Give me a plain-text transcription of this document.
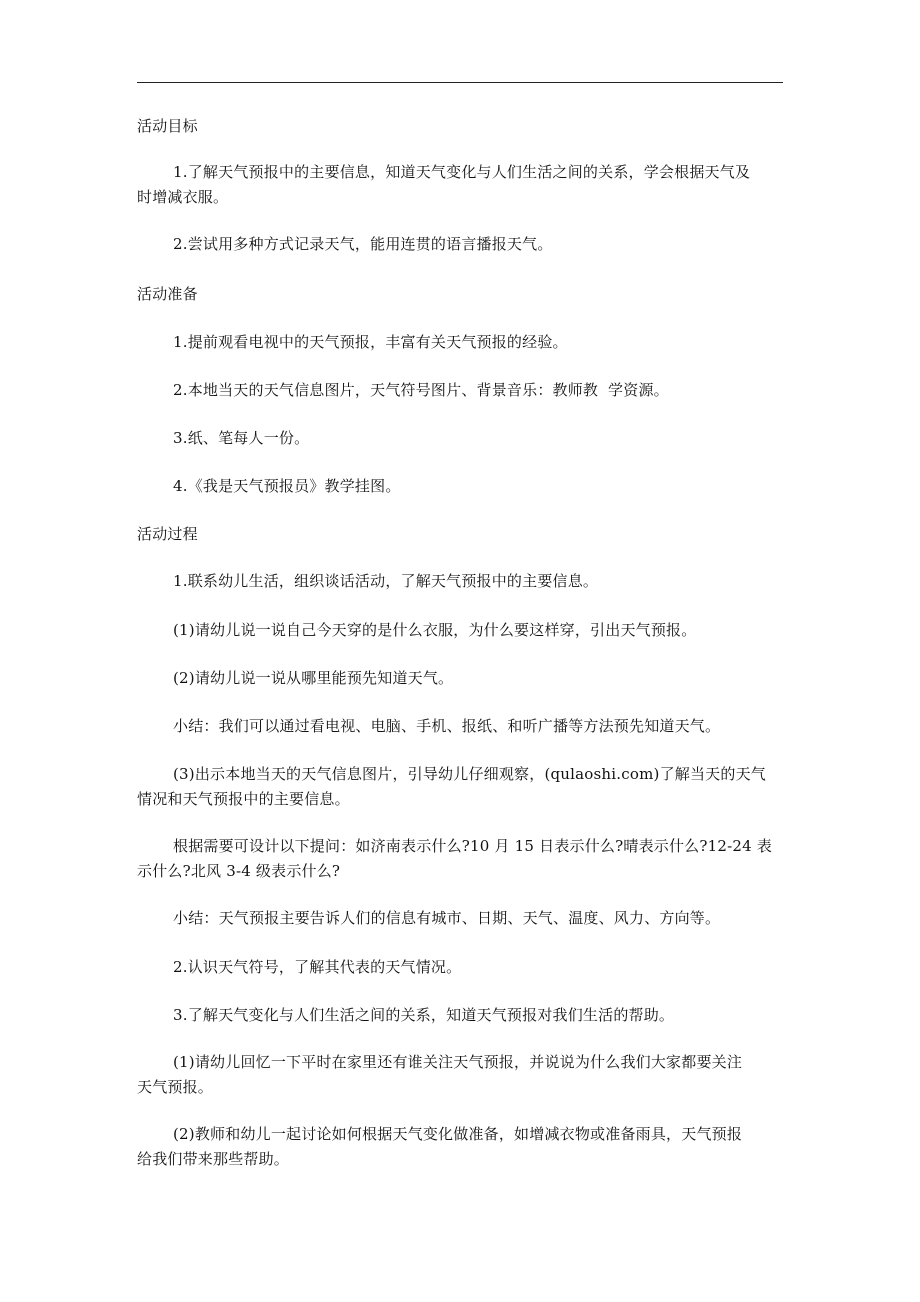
活动目标
1.了解天气预报中的主要信息，知道天气变化与人们生活之间的关系，学会根据天气及
时增减衣服。
2.尝试用多种方式记录天气，能用连贯的语言播报天气。
活动准备
1.提前观看电视中的天气预报，丰富有关天气预报的经验。
2.本地当天的天气信息图片，天气符号图片、背景音乐：教师教  学资源。
3.纸、笔每人一份。
4.《我是天气预报员》教学挂图。
活动过程
1.联系幼儿生活，组织谈话活动，了解天气预报中的主要信息。
(1)请幼儿说一说自己今天穿的是什么衣服，为什么要这样穿，引出天气预报。
(2)请幼儿说一说从哪里能预先知道天气。
小结：我们可以通过看电视、电脑、手机、报纸、和听广播等方法预先知道天气。
(3)出示本地当天的天气信息图片，引导幼儿仔细观察，(qulaoshi.com)了解当天的天气
情况和天气预报中的主要信息。
根据需要可设计以下提问：如济南表示什么?10 月 15 日表示什么?晴表示什么?12-24 表
示什么?北风 3-4 级表示什么?
小结：天气预报主要告诉人们的信息有城市、日期、天气、温度、风力、方向等。
2.认识天气符号，了解其代表的天气情况。
3.了解天气变化与人们生活之间的关系，知道天气预报对我们生活的帮助。
(1)请幼儿回忆一下平时在家里还有谁关注天气预报，并说说为什么我们大家都要关注
天气预报。
(2)教师和幼儿一起讨论如何根据天气变化做准备，如增减衣物或准备雨具，天气预报
给我们带来那些帮助。
